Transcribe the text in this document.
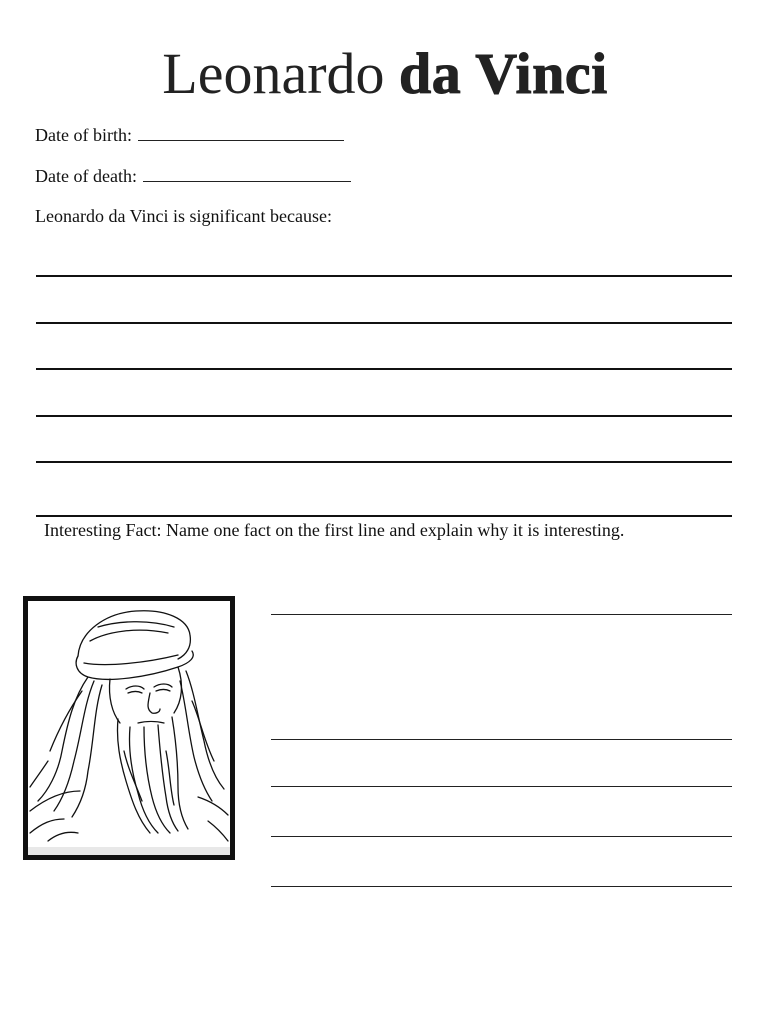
Leonardo da Vinci
Date of birth:
Date of death:
Leonardo da Vinci is significant because:
Interesting Fact: Name one fact on the first line and explain why it is interesting.
